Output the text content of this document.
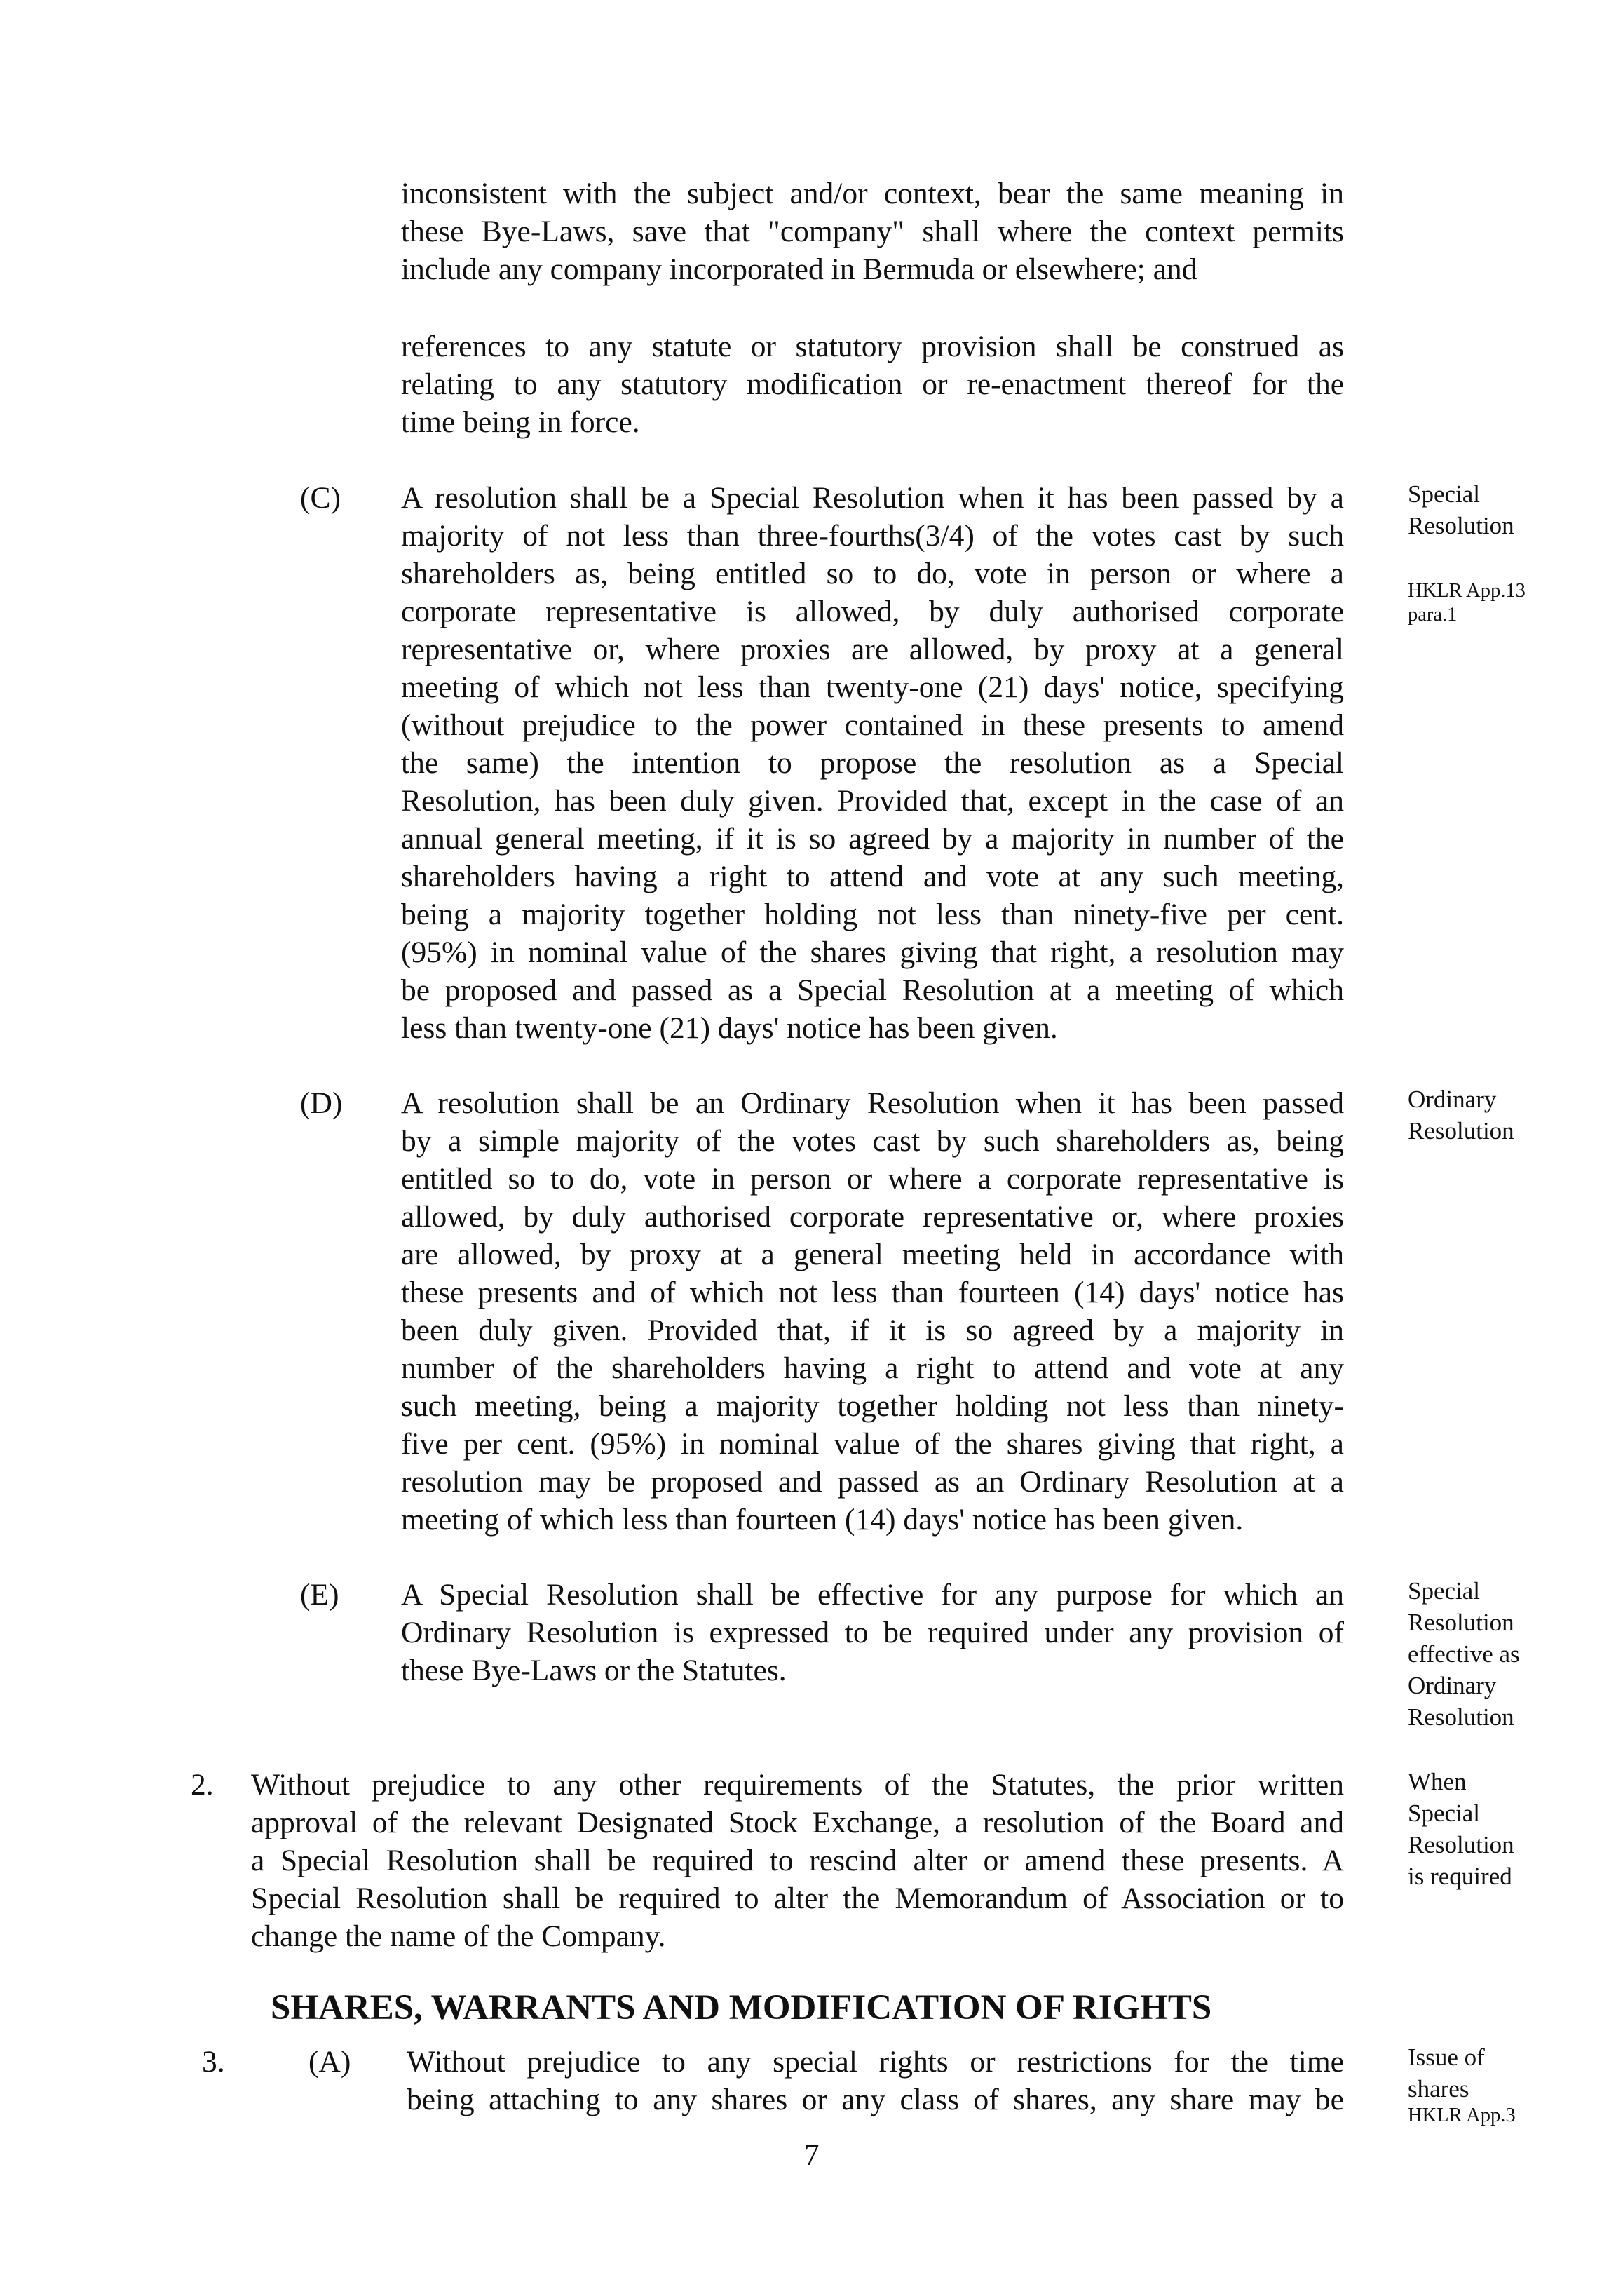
inconsistent with the subject and/or context, bear the same meaning in
these Bye-Laws, save that "company" shall where the context permits
include any company incorporated in Bermuda or elsewhere; and
references to any statute or statutory provision shall be construed as
relating to any statutory modification or re-enactment thereof for the
time being in force.
(C) A resolution shall be a Special Resolution when it has been passed by a
majority of not less than three-fourths(3/4) of the votes cast by such
shareholders as, being entitled so to do, vote in person or where a
corporate representative is allowed, by duly authorised corporate
representative or, where proxies are allowed, by proxy at a general
meeting of which not less than twenty-one (21) days' notice, specifying
(without prejudice to the power contained in these presents to amend
the same) the intention to propose the resolution as a Special
Resolution, has been duly given. Provided that, except in the case of an
annual general meeting, if it is so agreed by a majority in number of the
shareholders having a right to attend and vote at any such meeting,
being a majority together holding not less than ninety-five per cent.
(95%) in nominal value of the shares giving that right, a resolution may
be proposed and passed as a Special Resolution at a meeting of which
less than twenty-one (21) days' notice has been given.
Special
Resolution
HKLR App.13
para.1
(D) A resolution shall be an Ordinary Resolution when it has been passed
by a simple majority of the votes cast by such shareholders as, being
entitled so to do, vote in person or where a corporate representative is
allowed, by duly authorised corporate representative or, where proxies
are allowed, by proxy at a general meeting held in accordance with
these presents and of which not less than fourteen (14) days' notice has
been duly given. Provided that, if it is so agreed by a majority in
number of the shareholders having a right to attend and vote at any
such meeting, being a majority together holding not less than ninety-
five per cent. (95%) in nominal value of the shares giving that right, a
resolution may be proposed and passed as an Ordinary Resolution at a
meeting of which less than fourteen (14) days' notice has been given.
Ordinary
Resolution
(E) A Special Resolution shall be effective for any purpose for which an
Ordinary Resolution is expressed to be required under any provision of
these Bye-Laws or the Statutes.
Special
Resolution
effective as
Ordinary
Resolution
2. Without prejudice to any other requirements of the Statutes, the prior written
approval of the relevant Designated Stock Exchange, a resolution of the Board and
a Special Resolution shall be required to rescind alter or amend these presents. A
Special Resolution shall be required to alter the Memorandum of Association or to
change the name of the Company.
When
Special
Resolution
is required
SHARES, WARRANTS AND MODIFICATION OF RIGHTS
3.	(A) Without prejudice to any special rights or restrictions for the time
being attaching to any shares or any class of shares, any share may be
Issue of
shares
HKLR App.3
7
